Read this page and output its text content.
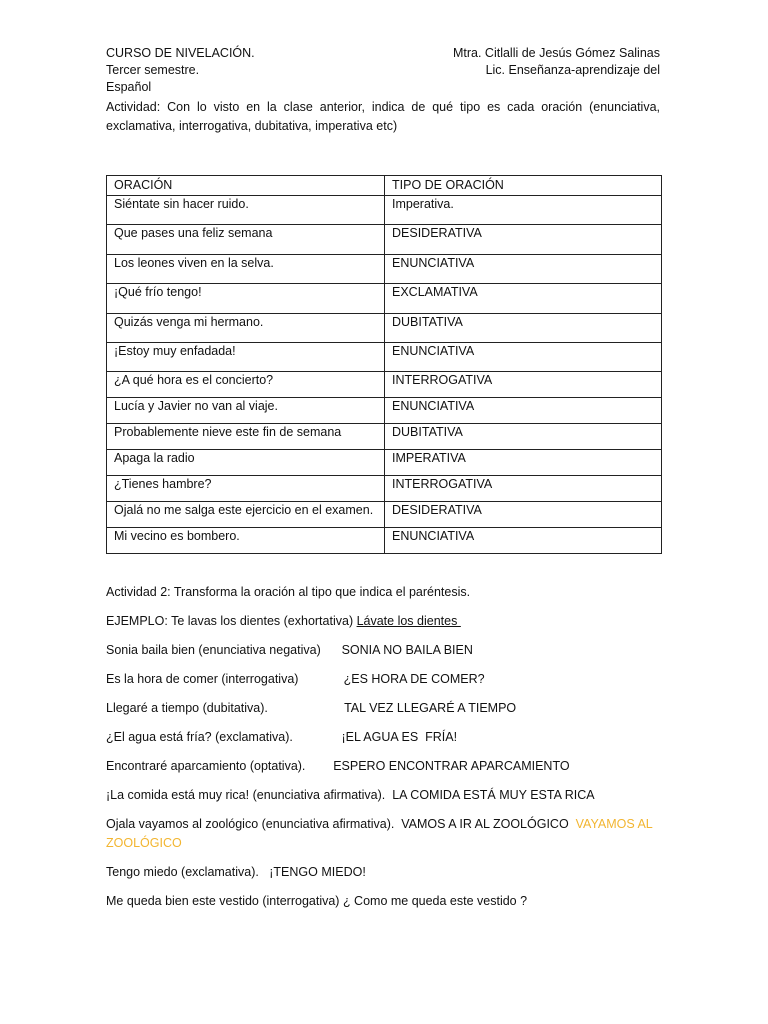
CURSO DE NIVELACIÓN.	Mtra. Citlalli de Jesús Gómez Salinas
Tercer semestre.	Lic. Enseñanza-aprendizaje del
Español
Actividad: Con lo visto en la clase anterior, indica de qué tipo es cada oración (enunciativa, exclamativa, interrogativa, dubitativa, imperativa etc)
ORACIÓN	TIPO DE ORACIÓN
Siéntate sin hacer ruido.	Imperativa.
Que pases una feliz semana	DESIDERATIVA
Los leones viven en la selva.	ENUNCIATIVA
¡Qué frío tengo!	EXCLAMATIVA
Quizás venga mi hermano.	DUBITATIVA
¡Estoy muy enfadada!	ENUNCIATIVA
¿A qué hora es el concierto?	INTERROGATIVA
Lucía y Javier no van al viaje.	ENUNCIATIVA
Probablemente nieve este fin de semana	DUBITATIVA
Apaga la radio	IMPERATIVA
¿Tienes hambre?	INTERROGATIVA
Ojalá no me salga este ejercicio en el examen.	DESIDERATIVA
Mi vecino es bombero.	ENUNCIATIVA
Actividad 2: Transforma la oración al tipo que indica el paréntesis.
EJEMPLO: Te lavas los dientes (exhortativa) Lávate los dientes
Sonia baila bien (enunciativa negativa)      SONIA NO BAILA BIEN
Es la hora de comer (interrogativa)             ¿ES HORA DE COMER?
Llegaré a tiempo (dubitativa).                      TAL VEZ LLEGARÉ A TIEMPO
¿El agua está fría? (exclamativa).              ¡EL AGUA ES  FRÍA!
Encontraré aparcamiento (optativa).        ESPERO ENCONTRAR APARCAMIENTO
¡La comida está muy rica! (enunciativa afirmativa).  LA COMIDA ESTÁ MUY ESTA RICA
Ojala vayamos al zoológico (enunciativa afirmativa).  VAMOS A IR AL ZOOLÓGICO  VAYAMOS AL ZOOLÓGICO
Tengo miedo (exclamativa).   ¡TENGO MIEDO!
Me queda bien este vestido (interrogativa) ¿ Como me queda este vestido ?
